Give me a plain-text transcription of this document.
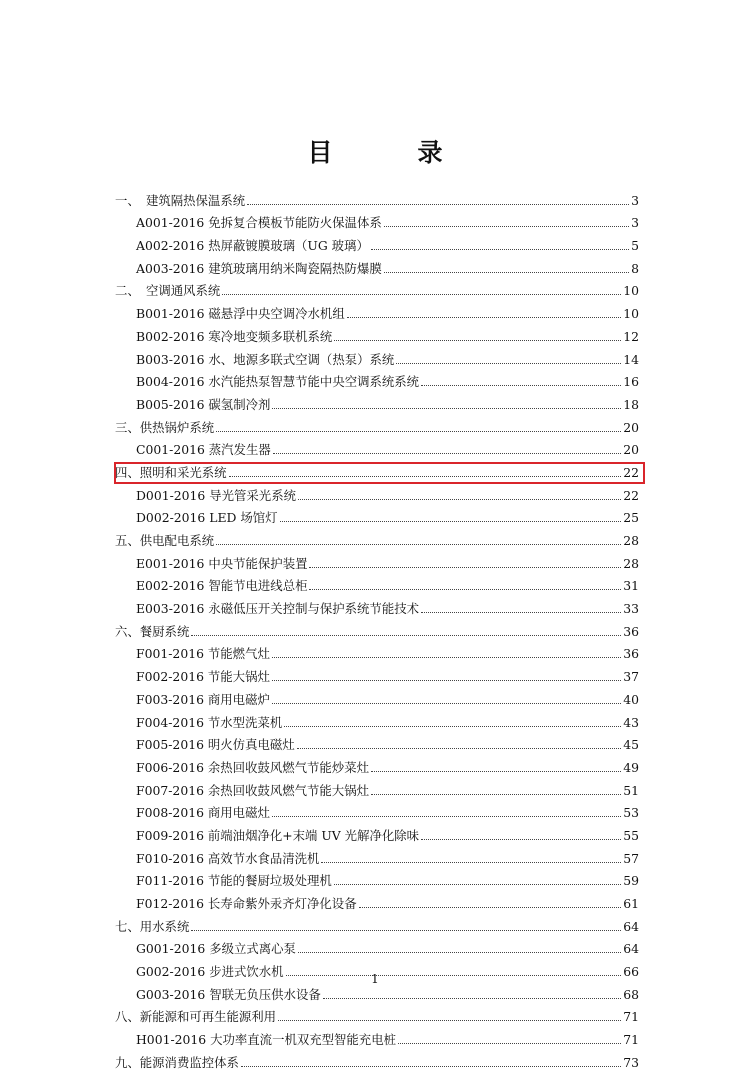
目　录
一、　建筑隔热保温系统	3
A001-2016 免拆复合模板节能防火保温体系	3
A002-2016 热屏蔽镀膜玻璃（UG 玻璃）	5
A003-2016 建筑玻璃用纳米陶瓷隔热防爆膜	8
二、　空调通风系统	10
B001-2016 磁悬浮中央空调冷水机组	10
B002-2016 寒冷地变频多联机系统	12
B003-2016 水、地源多联式空调（热泵）系统	14
B004-2016 水汽能热泵智慧节能中央空调系统系统	16
B005-2016 碳氢制冷剂	18
三、供热锅炉系统	20
C001-2016 蒸汽发生器	20
四、照明和采光系统	22
D001-2016 导光管采光系统	22
D002-2016 LED 场馆灯	25
五、供电配电系统	28
E001-2016 中央节能保护装置	28
E002-2016 智能节电进线总柜	31
E003-2016 永磁低压开关控制与保护系统节能技术	33
六、餐厨系统	36
F001-2016 节能燃气灶	36
F002-2016 节能大锅灶	37
F003-2016 商用电磁炉	40
F004-2016 节水型洗菜机	43
F005-2016 明火仿真电磁灶	45
F006-2016 余热回收鼓风燃气节能炒菜灶	49
F007-2016 余热回收鼓风燃气节能大锅灶	51
F008-2016 商用电磁灶	53
F009-2016 前端油烟净化+末端 UV 光解净化除味	55
F010-2016 高效节水食品清洗机	57
F011-2016 节能的餐厨垃圾处理机	59
F012-2016 长寿命紫外汞齐灯净化设备	61
七、用水系统	64
G001-2016 多级立式离心泵	64
G002-2016 步进式饮水机	66
G003-2016 智联无负压供水设备	68
八、新能源和可再生能源利用	71
H001-2016 大功率直流一机双充型智能充电桩	71
九、能源消费监控体系	73
1
